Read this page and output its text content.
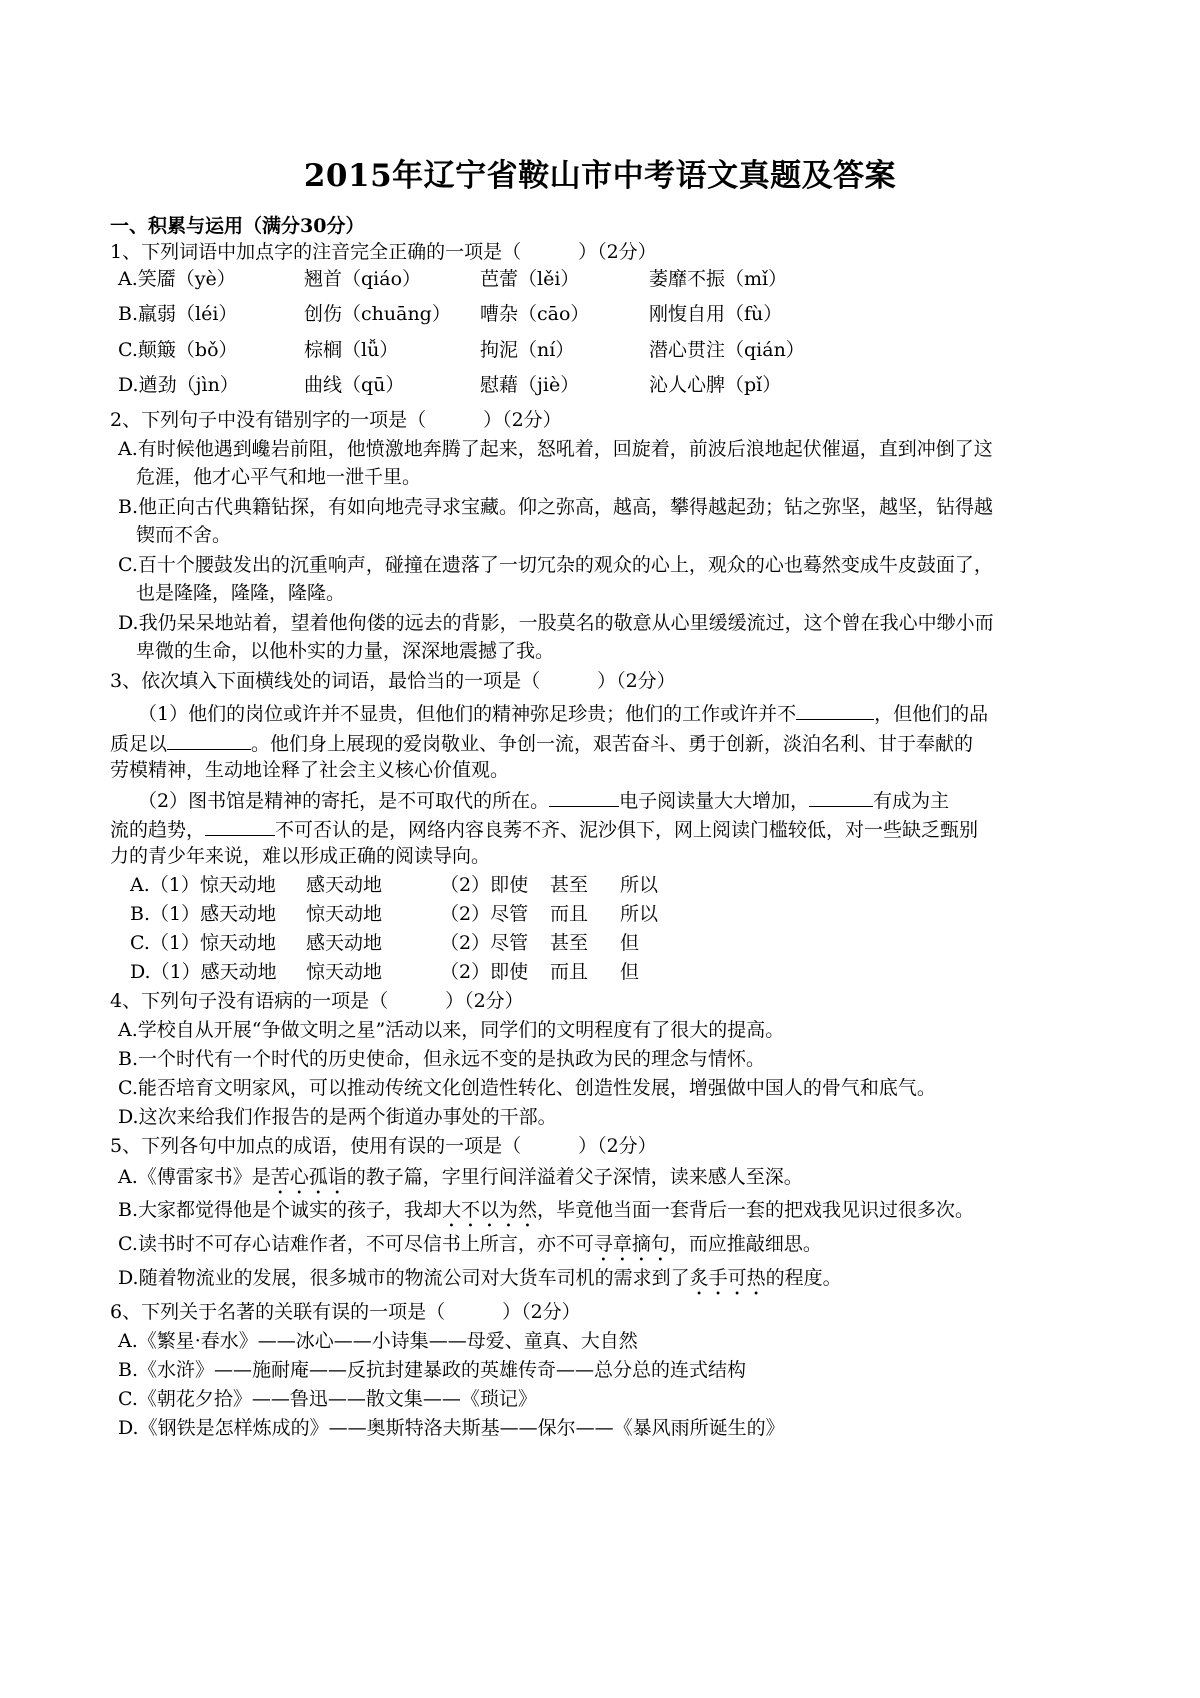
2015年辽宁省鞍山市中考语文真题及答案
一、积累与运用（满分30分）
1、下列词语中加点字的注音完全正确的一项是（　　　）（2分）
A.笑靥（yè）	翘首（qiáo）	芭蕾（lěi）	萎靡不振（mǐ）
B.羸弱（léi）	创伤（chuāng） 嘈杂（cāo）	刚愎自用（fù）
C.颠簸（bǒ）	棕榈（lǚ）	拘泥（ní）	潜心贯注（qián）
D.遒劲（jìn）	曲线（qū）	慰藉（jiè）	沁人心脾（pǐ）
2、下列句子中没有错别字的一项是（　　　）（2分）
A.有时候他遇到巉岩前阻，他愤激地奔腾了起来，怒吼着，回旋着，前波后浪地起伏催逼，直到冲倒了这
危涯，他才心平气和地一泄千里。
B.他正向古代典籍钻探，有如向地壳寻求宝藏。仰之弥高，越高，攀得越起劲；钻之弥坚，越坚，钻得越
锲而不舍。
C.百十个腰鼓发出的沉重响声，碰撞在遗落了一切冗杂的观众的心上，观众的心也蓦然变成牛皮鼓面了，
也是隆隆，隆隆，隆隆。
D.我仍呆呆地站着，望着他佝偻的远去的背影，一股莫名的敬意从心里缓缓流过，这个曾在我心中缈小而
卑微的生命，以他朴实的力量，深深地震撼了我。
3、依次填入下面横线处的词语，最恰当的一项是（　　　）（2分）
（1）他们的岗位或许并不显贵，但他们的精神弥足珍贵；他们的工作或许并不	，但他们的品
质足以	。他们身上展现的爱岗敬业、争创一流，艰苦奋斗、勇于创新，淡泊名利、甘于奉献的
劳模精神，生动地诠释了社会主义核心价值观。
（2）图书馆是精神的寄托，是不可取代的所在。	电子阅读量大大增加，	有成为主
流的趋势，	不可否认的是，网络内容良莠不齐、泥沙俱下，网上阅读门槛较低，对一些缺乏甄别
力的青少年来说，难以形成正确的阅读导向。
A.（1）惊天动地 感天动地	（2）即使 甚至 所以
B.（1）感天动地 惊天动地	（2）尽管 而且 所以
C.（1）惊天动地 感天动地	（2）尽管 甚至 但
D.（1）感天动地 惊天动地	（2）即使 而且 但
4、下列句子没有语病的一项是（　　　）（2分）
A.学校自从开展“争做文明之星”活动以来，同学们的文明程度有了很大的提高。
B.一个时代有一个时代的历史使命，但永远不变的是执政为民的理念与情怀。
C.能否培育文明家风，可以推动传统文化创造性转化、创造性发展，增强做中国人的骨气和底气。
D.这次来给我们作报告的是两个街道办事处的干部。
5、下列各句中加点的成语，使用有误的一项是（　　　）（2分）
A.《傅雷家书》是苦心孤诣的教子篇，字里行间洋溢着父子深情，读来感人至深。
B.大家都觉得他是个诚实的孩子，我却大不以为然，毕竟他当面一套背后一套的把戏我见识过很多次。
C.读书时不可存心诘难作者，不可尽信书上所言，亦不可寻章摘句，而应推敲细思。
D.随着物流业的发展，很多城市的物流公司对大货车司机的需求到了炙手可热的程度。
6、下列关于名著的关联有误的一项是（　　　）（2分）
A.《繁星·春水》——冰心——小诗集——母爱、童真、大自然
B.《水浒》——施耐庵——反抗封建暴政的英雄传奇——总分总的连式结构
C.《朝花夕拾》——鲁迅——散文集——《琐记》
D.《钢铁是怎样炼成的》——奥斯特洛夫斯基——保尔——《暴风雨所诞生的》
